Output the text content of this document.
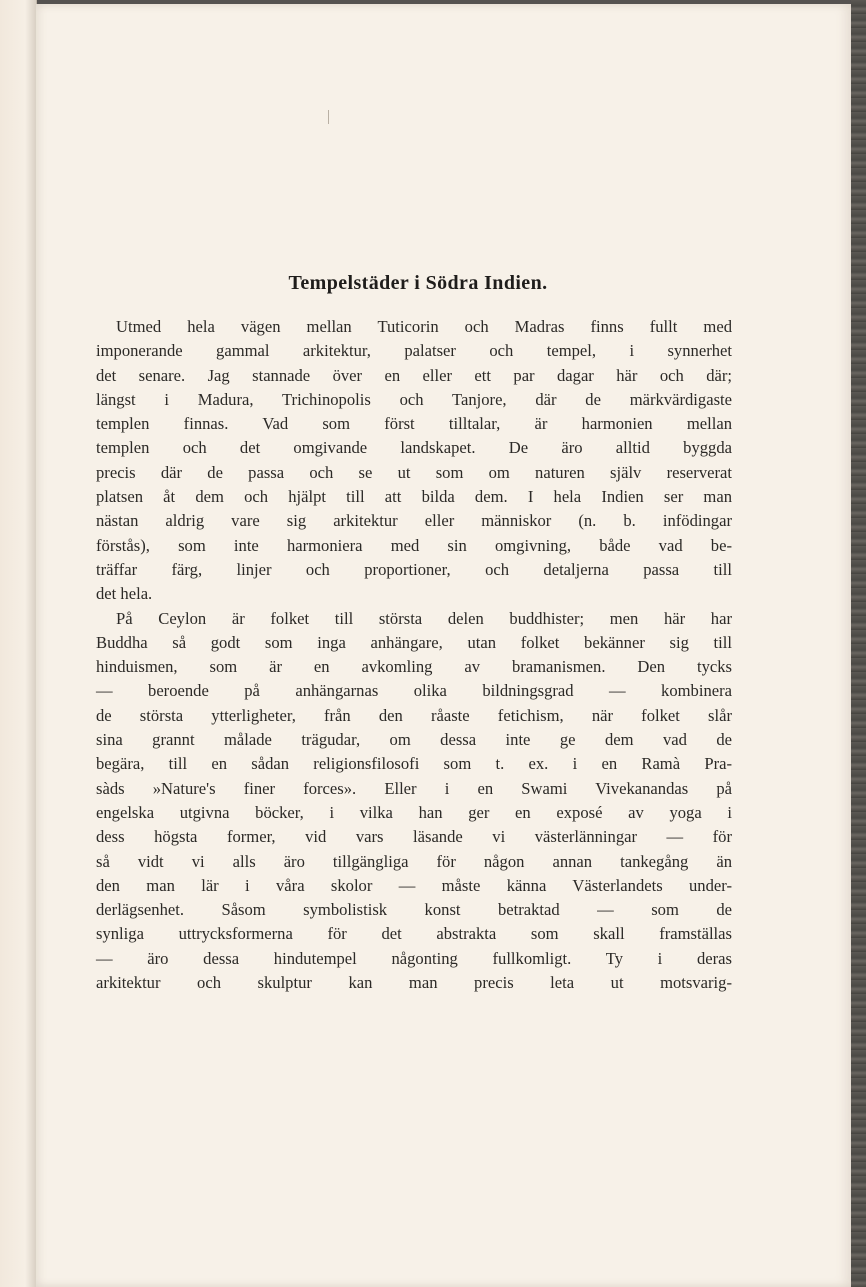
Tempelstäder i Södra Indien.
Utmed hela vägen mellan Tuticorin och Madras finns fullt med
imponerande gammal arkitektur, palatser och tempel, i synnerhet
det senare. Jag stannade över en eller ett par dagar här och där;
längst i Madura, Trichinopolis och Tanjore, där de märkvärdigaste
templen finnas. Vad som först tilltalar, är harmonien mellan
templen och det omgivande landskapet. De äro alltid byggda
precis där de passa och se ut som om naturen själv reserverat
platsen åt dem och hjälpt till att bilda dem. I hela Indien ser man
nästan aldrig vare sig arkitektur eller människor (n. b. infödingar
förstås), som inte harmoniera med sin omgivning, både vad be-
träffar färg, linjer och proportioner, och detaljerna passa till
det hela.
På Ceylon är folket till största delen buddhister; men här har
Buddha så godt som inga anhängare, utan folket bekänner sig till
hinduismen, som är en avkomling av bramanismen. Den tycks
— beroende på anhängarnas olika bildningsgrad — kombinera
de största ytterligheter, från den råaste fetichism, när folket slår
sina grannt målade trägudar, om dessa inte ge dem vad de
begära, till en sådan religionsfilosofi som t. ex. i en Ramà Pra-
sàds »Nature's finer forces». Eller i en Swami Vivekanandas på
engelska utgivna böcker, i vilka han ger en exposé av yoga i
dess högsta former, vid vars läsande vi västerlänningar — för
så vidt vi alls äro tillgängliga för någon annan tankegång än
den man lär i våra skolor — måste känna Västerlandets under-
derlägsenhet. Såsom symbolistisk konst betraktad — som de
synliga uttrycksformerna för det abstrakta som skall framställas
— äro dessa hindutempel någonting fullkomligt. Ty i deras
arkitektur och skulptur kan man precis leta ut motsvarig-
